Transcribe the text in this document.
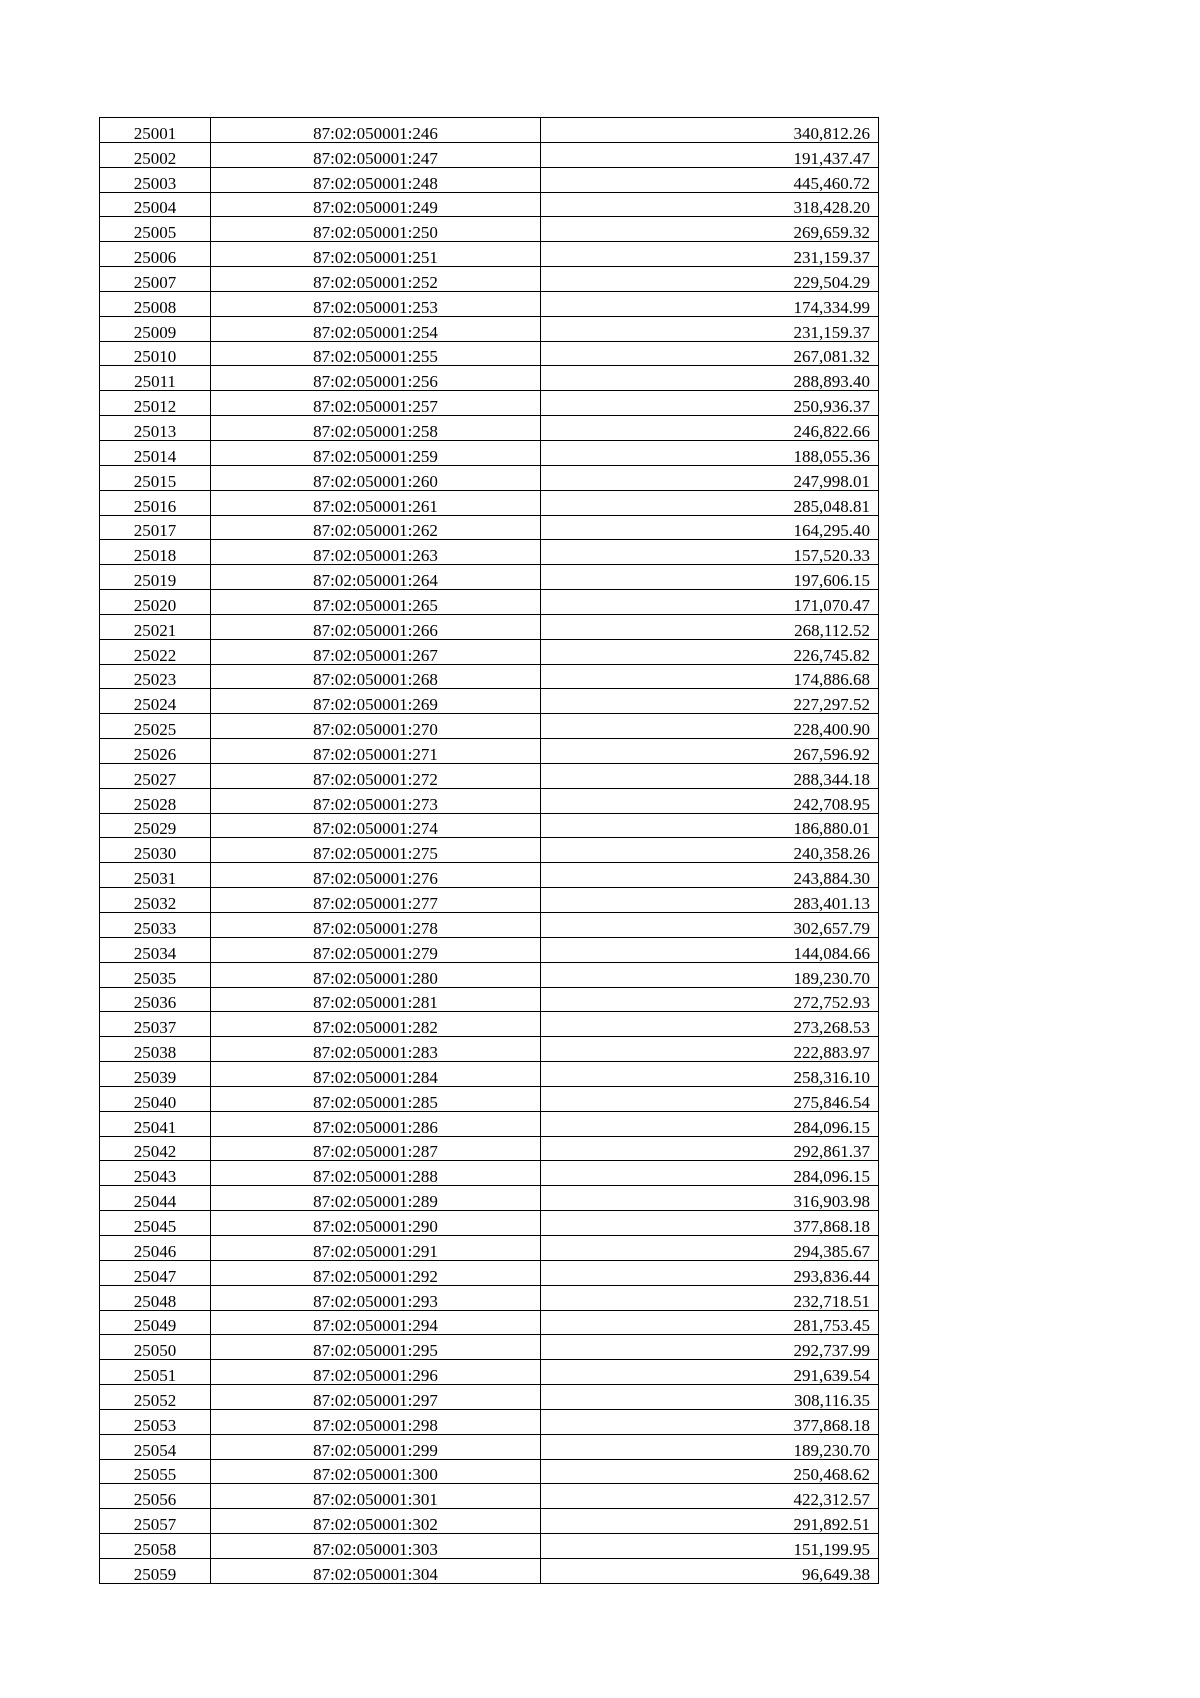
25001	87:02:050001:246	340,812.26
25002	87:02:050001:247	191,437.47
25003	87:02:050001:248	445,460.72
25004	87:02:050001:249	318,428.20
25005	87:02:050001:250	269,659.32
25006	87:02:050001:251	231,159.37
25007	87:02:050001:252	229,504.29
25008	87:02:050001:253	174,334.99
25009	87:02:050001:254	231,159.37
25010	87:02:050001:255	267,081.32
25011	87:02:050001:256	288,893.40
25012	87:02:050001:257	250,936.37
25013	87:02:050001:258	246,822.66
25014	87:02:050001:259	188,055.36
25015	87:02:050001:260	247,998.01
25016	87:02:050001:261	285,048.81
25017	87:02:050001:262	164,295.40
25018	87:02:050001:263	157,520.33
25019	87:02:050001:264	197,606.15
25020	87:02:050001:265	171,070.47
25021	87:02:050001:266	268,112.52
25022	87:02:050001:267	226,745.82
25023	87:02:050001:268	174,886.68
25024	87:02:050001:269	227,297.52
25025	87:02:050001:270	228,400.90
25026	87:02:050001:271	267,596.92
25027	87:02:050001:272	288,344.18
25028	87:02:050001:273	242,708.95
25029	87:02:050001:274	186,880.01
25030	87:02:050001:275	240,358.26
25031	87:02:050001:276	243,884.30
25032	87:02:050001:277	283,401.13
25033	87:02:050001:278	302,657.79
25034	87:02:050001:279	144,084.66
25035	87:02:050001:280	189,230.70
25036	87:02:050001:281	272,752.93
25037	87:02:050001:282	273,268.53
25038	87:02:050001:283	222,883.97
25039	87:02:050001:284	258,316.10
25040	87:02:050001:285	275,846.54
25041	87:02:050001:286	284,096.15
25042	87:02:050001:287	292,861.37
25043	87:02:050001:288	284,096.15
25044	87:02:050001:289	316,903.98
25045	87:02:050001:290	377,868.18
25046	87:02:050001:291	294,385.67
25047	87:02:050001:292	293,836.44
25048	87:02:050001:293	232,718.51
25049	87:02:050001:294	281,753.45
25050	87:02:050001:295	292,737.99
25051	87:02:050001:296	291,639.54
25052	87:02:050001:297	308,116.35
25053	87:02:050001:298	377,868.18
25054	87:02:050001:299	189,230.70
25055	87:02:050001:300	250,468.62
25056	87:02:050001:301	422,312.57
25057	87:02:050001:302	291,892.51
25058	87:02:050001:303	151,199.95
25059	87:02:050001:304	96,649.38
